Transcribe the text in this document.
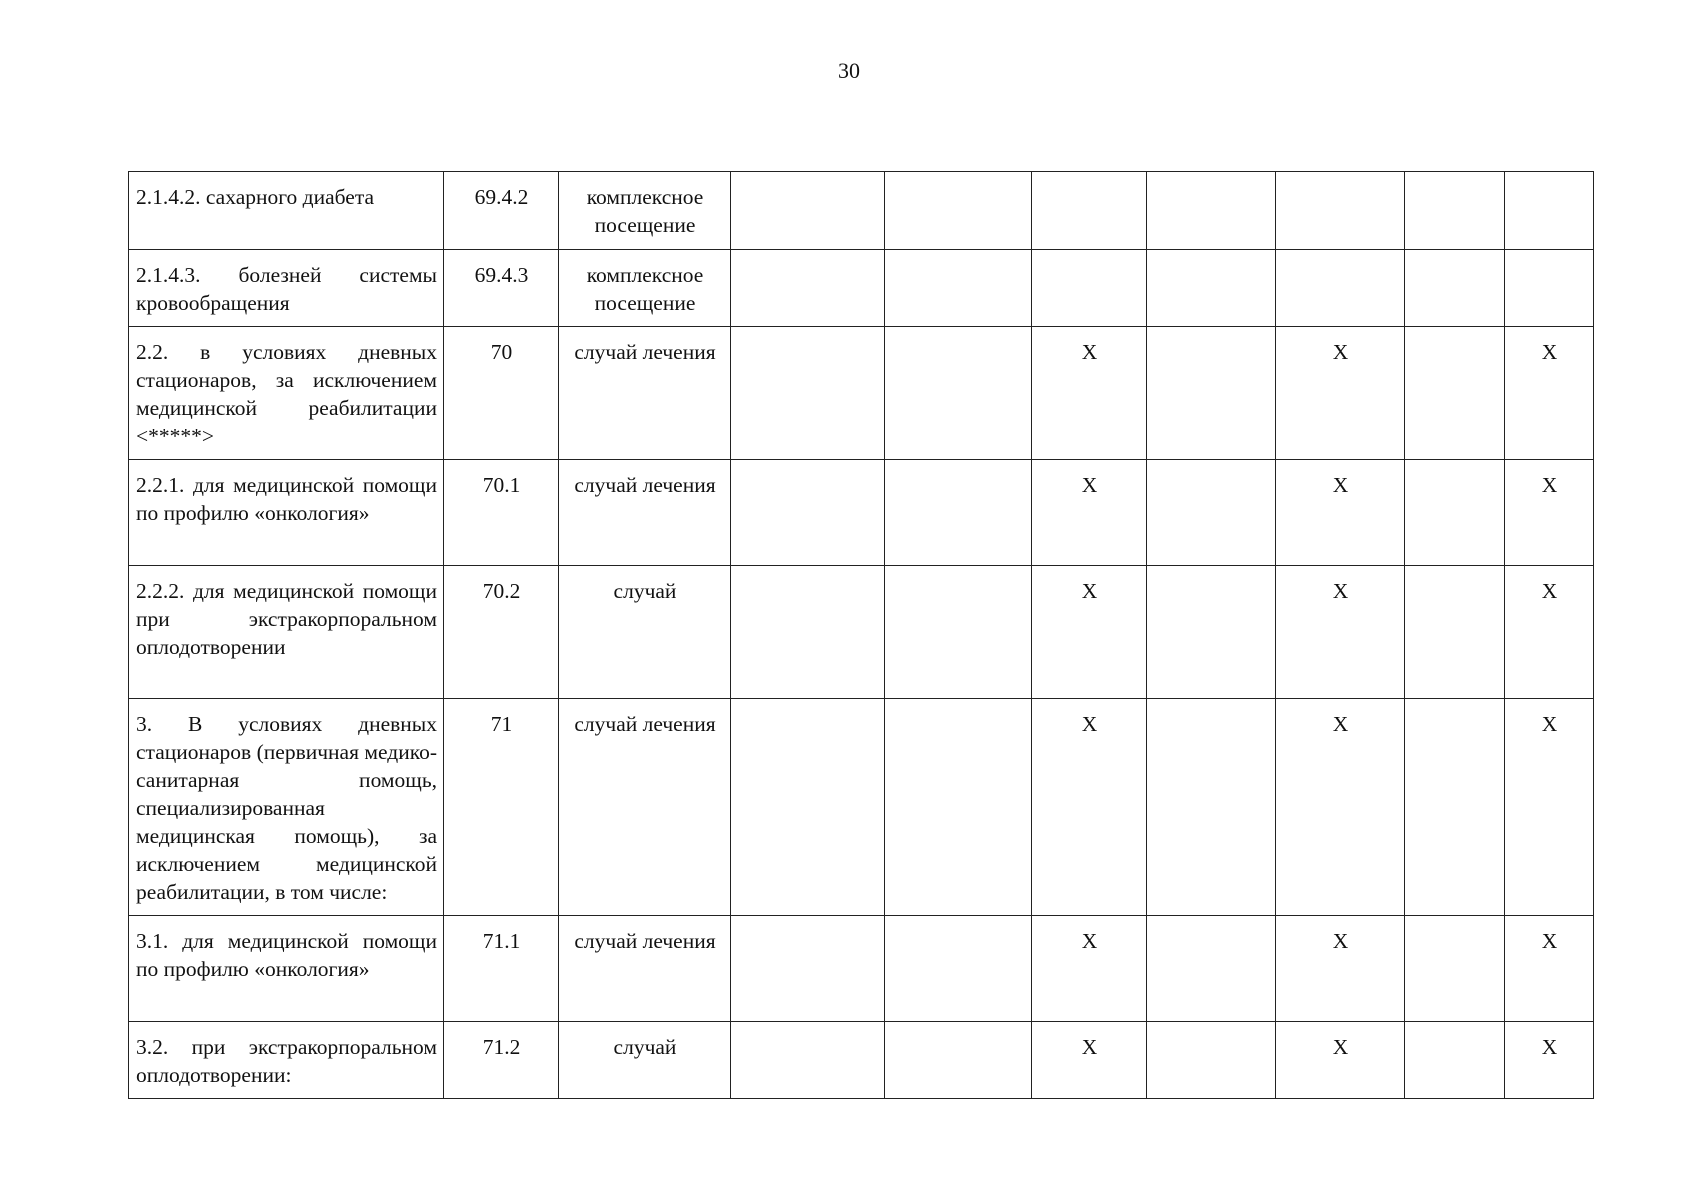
30
2.1.4.2. сахарного диабета	69.4.2	комплексное посещение							
2.1.4.3. болезней системы кровообращения	69.4.3	комплексное посещение							
2.2. в условиях дневных стационаров, за исключением медицинской реабилитации <*****>	70	случай лечения			X		X		X
2.2.1. для медицинской помощи по профилю «онкология»	70.1	случай лечения			X		X		X
2.2.2. для медицинской помощи при экстракорпоральном оплодотворении	70.2	случай			X		X		X
3. В условиях дневных стационаров (первичная медико-санитарная помощь, специализированная медицинская помощь), за исключением медицинской реабилитации, в том числе:	71	случай лечения			X		X		X
3.1. для медицинской помощи по профилю «онкология»	71.1	случай лечения			X		X		X
3.2. при экстракорпоральном оплодотворении:	71.2	случай			X		X		X
